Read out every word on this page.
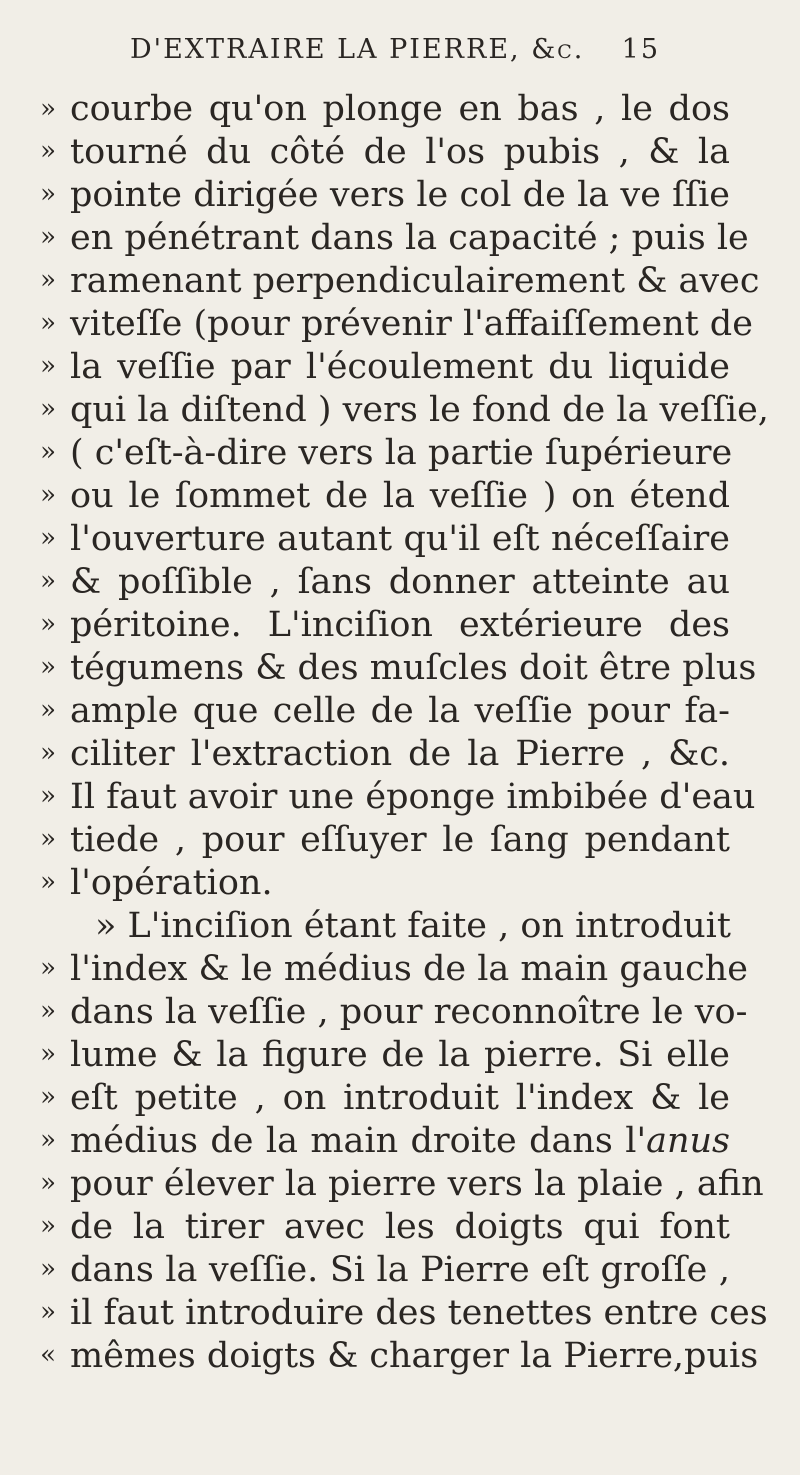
D'EXTRAIRE LA PIERRE, &c. 15
»
»
»
»
»
»
»
»
»
»
»
»
»
»
»
»
»
»
»
»
»
»
»
»
»
»
»
»
«
courbe qu'on plonge en bas , le dos
tourné du côté de l'os pubis , & la
pointe dirigée vers le col de la ve ſſie
en pénétrant dans la capacité ; puis le
ramenant perpendiculairement & avec
viteſſe (pour prévenir l'affaiſſement de
la veſſie par l'écoulement du liquide
qui la diſtend ) vers le fond de la veſſie,
( c'eſt-à-dire vers la partie ſupérieure
ou le ſommet de la veſſie ) on étend
l'ouverture autant qu'il eſt néceſſaire
& poſſible , ſans donner atteinte au
péritoine. L'inciſion extérieure des
tégumens & des muſcles doit être plus
ample que celle de la veſſie pour fa-
ciliter l'extraction de la Pierre , &c.
Il faut avoir une éponge imbibée d'eau
tiede , pour eſſuyer le ſang pendant
l'opération.
» L'inciſion étant faite , on introduit
l'index & le médius de la main gauche
dans la veſſie , pour reconnoître le vo-
lume & la figure de la pierre. Si elle
eſt petite , on introduit l'index & le
médius de la main droite dans l'anus
pour élever la pierre vers la plaie , afin
de la tirer avec les doigts qui font
dans la veſſie. Si la Pierre eſt groſſe ,
il faut introduire des tenettes entre ces
mêmes doigts & charger la Pierre,puis
